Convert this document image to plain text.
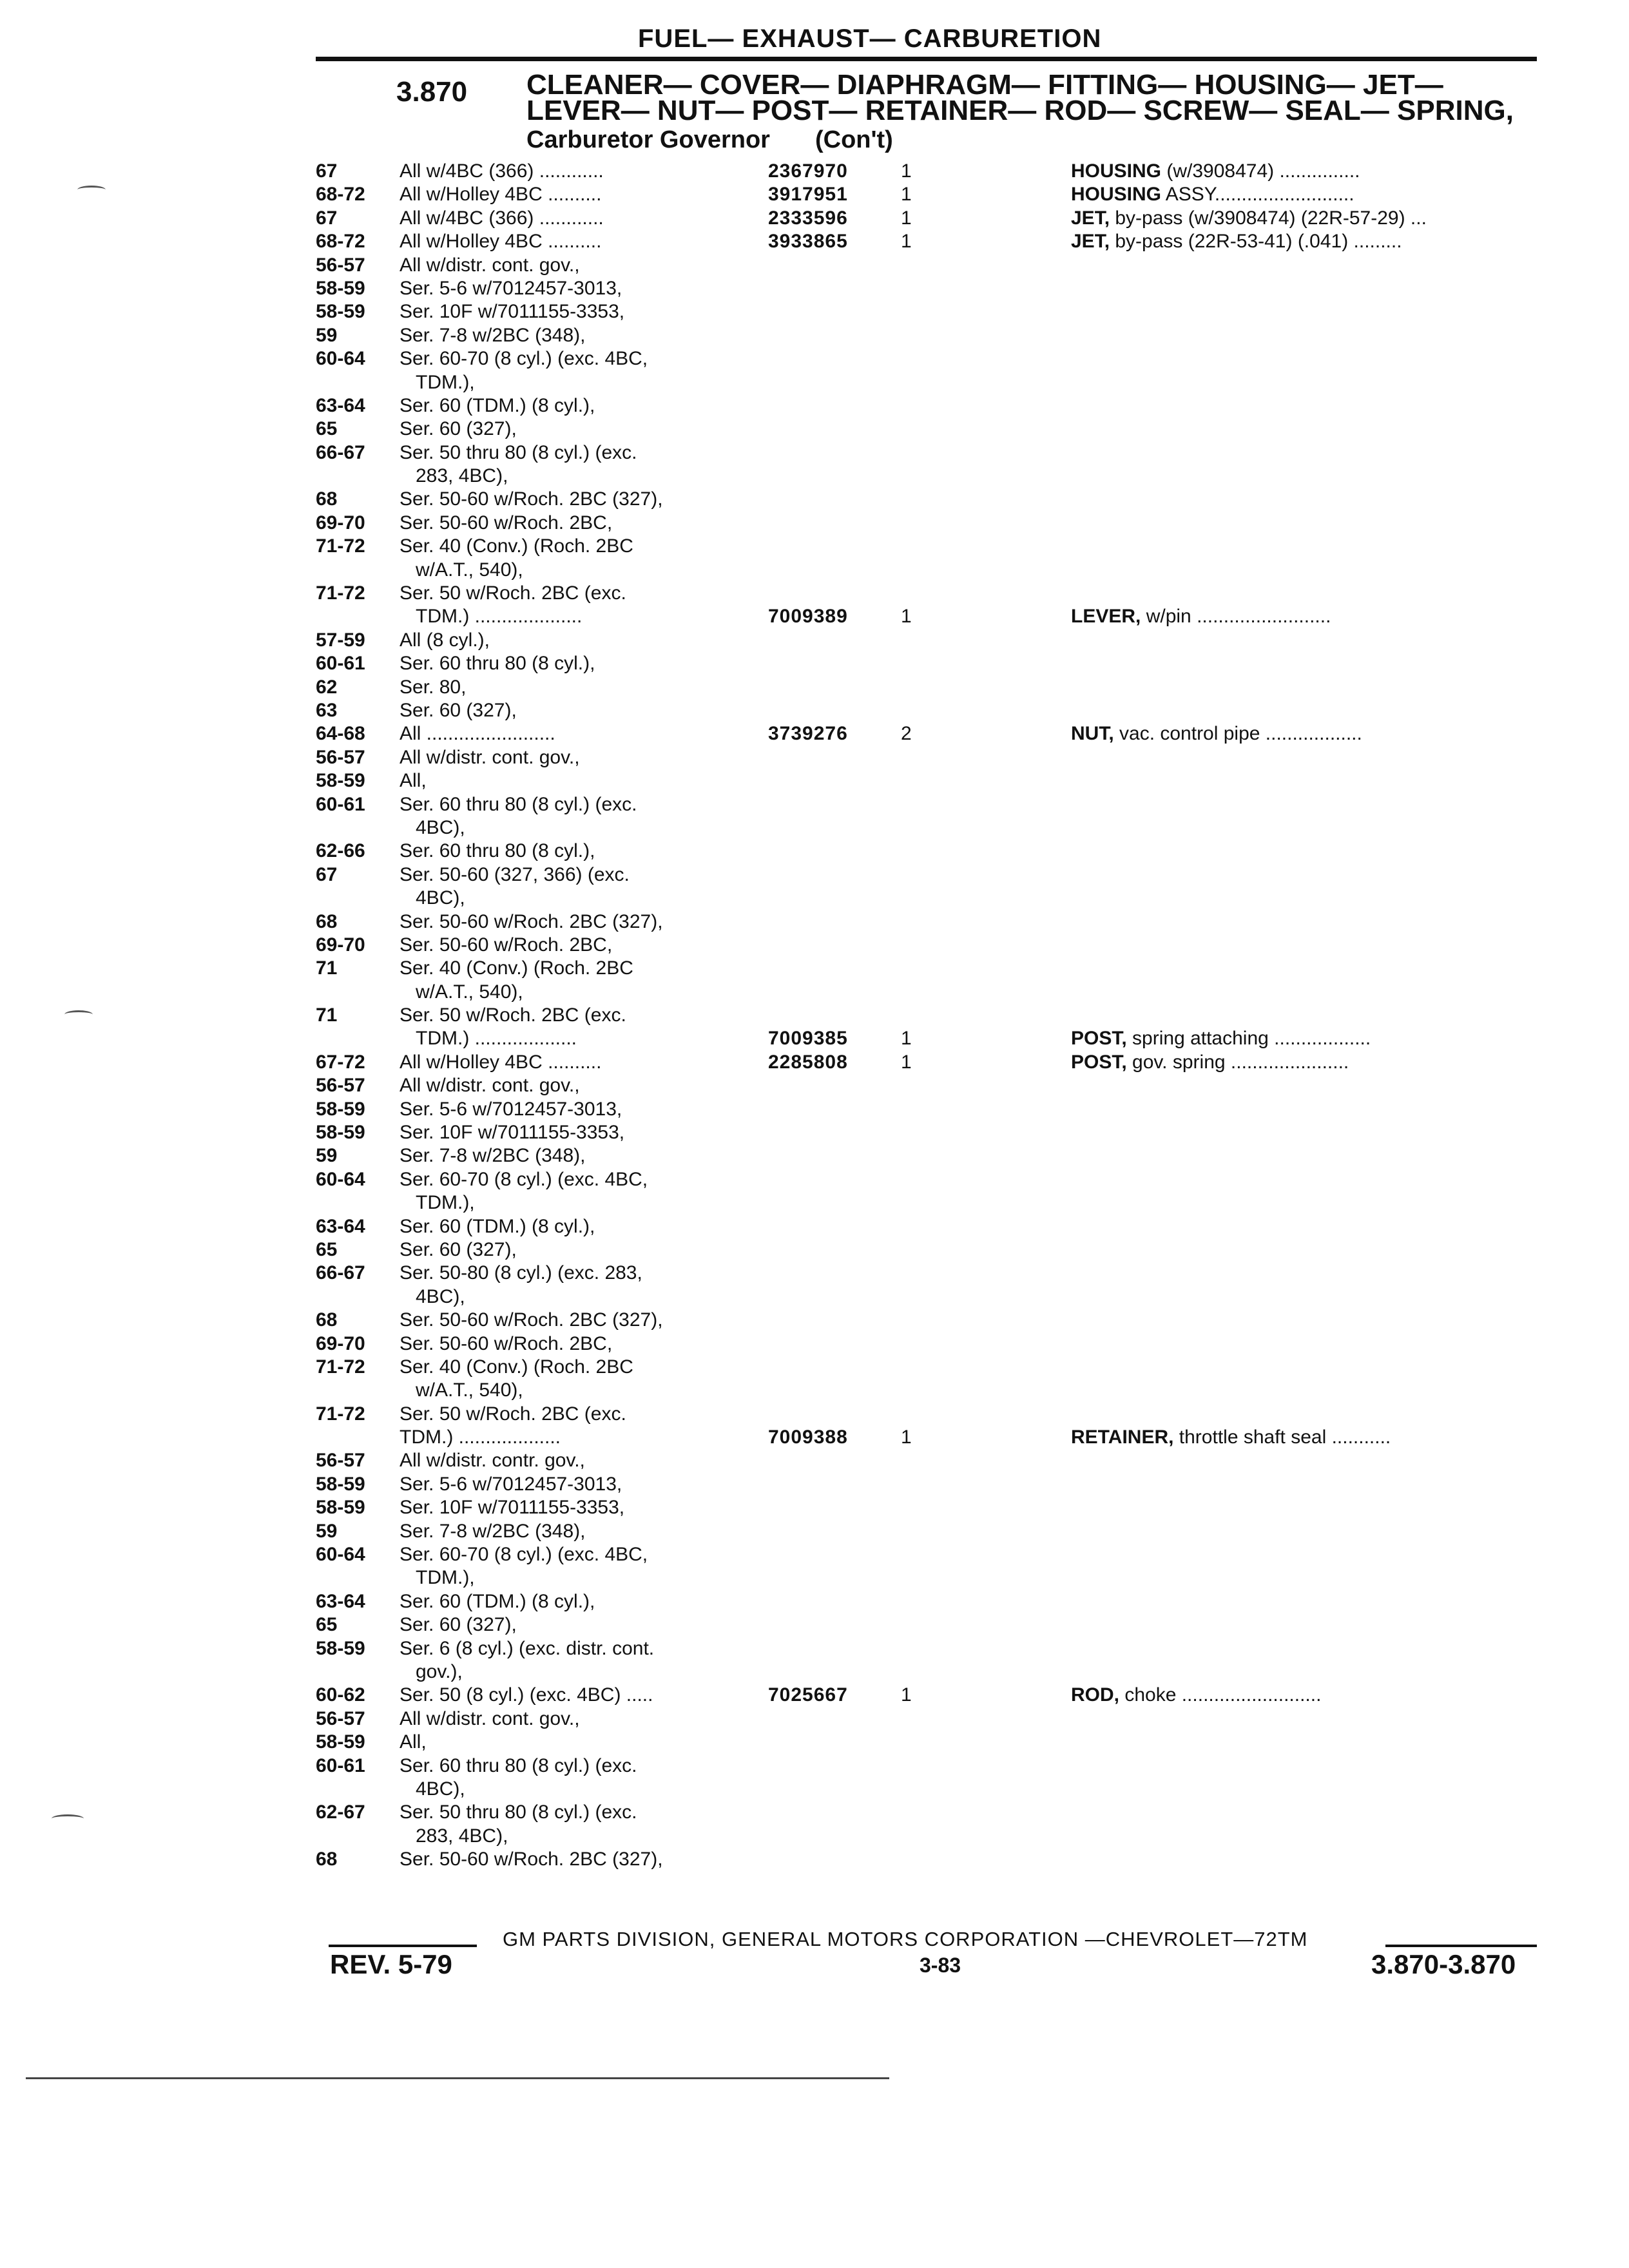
FUEL— EXHAUST— CARBURETION
3.870 CLEANER— COVER— DIAPHRAGM— FITTING— HOUSING— JET— LEVER— NUT— POST— RETAINER— ROD— SCREW— SEAL— SPRING,
Carburetor Governor (Con't)
67	All w/4BC (366) ............	2367970	1	HOUSING (w/3908474) ...............
68-72	All w/Holley 4BC ..........	3917951	1	HOUSING ASSY..........................
67	All w/4BC (366) ............	2333596	1	JET, by-pass (w/3908474) (22R-57-29) ...
68-72	All w/Holley 4BC ..........	3933865	1	JET, by-pass (22R-53-41) (.041) .........
56-57	All w/distr. cont. gov.,
58-59	Ser. 5-6 w/7012457-3013,
58-59	Ser. 10F w/7011155-3353,
59	Ser. 7-8 w/2BC (348),
60-64	Ser. 60-70 (8 cyl.) (exc. 4BC,
TDM.),
63-64	Ser. 60 (TDM.) (8 cyl.),
65	Ser. 60 (327),
66-67	Ser. 50 thru 80 (8 cyl.) (exc.
283, 4BC),
68	Ser. 50-60 w/Roch. 2BC (327),
69-70	Ser. 50-60 w/Roch. 2BC,
71-72	Ser. 40 (Conv.) (Roch. 2BC
w/A.T., 540),
71-72	Ser. 50 w/Roch. 2BC (exc.
TDM.) ....................	7009389	1	LEVER, w/pin .........................
57-59	All (8 cyl.),
60-61	Ser. 60 thru 80 (8 cyl.),
62	Ser. 80,
63	Ser. 60 (327),
64-68	All ........................	3739276	2	NUT, vac. control pipe ..................
56-57	All w/distr. cont. gov.,
58-59	All,
60-61	Ser. 60 thru 80 (8 cyl.) (exc.
4BC),
62-66	Ser. 60 thru 80 (8 cyl.),
67	Ser. 50-60 (327, 366) (exc.
4BC),
68	Ser. 50-60 w/Roch. 2BC (327),
69-70	Ser. 50-60 w/Roch. 2BC,
71	Ser. 40 (Conv.) (Roch. 2BC
w/A.T., 540),
71	Ser. 50 w/Roch. 2BC (exc.
TDM.) ...................	7009385	1	POST, spring attaching ..................
67-72	All w/Holley 4BC ..........	2285808	1	POST, gov. spring ......................
56-57	All w/distr. cont. gov.,
58-59	Ser. 5-6 w/7012457-3013,
58-59	Ser. 10F w/7011155-3353,
59	Ser. 7-8 w/2BC (348),
60-64	Ser. 60-70 (8 cyl.) (exc. 4BC,
TDM.),
63-64	Ser. 60 (TDM.) (8 cyl.),
65	Ser. 60 (327),
66-67	Ser. 50-80 (8 cyl.) (exc. 283,
4BC),
68	Ser. 50-60 w/Roch. 2BC (327),
69-70	Ser. 50-60 w/Roch. 2BC,
71-72	Ser. 40 (Conv.) (Roch. 2BC
w/A.T., 540),
71-72	Ser. 50 w/Roch. 2BC (exc.
TDM.) ...................	7009388	1	RETAINER, throttle shaft seal ...........
56-57	All w/distr. contr. gov.,
58-59	Ser. 5-6 w/7012457-3013,
58-59	Ser. 10F w/7011155-3353,
59	Ser. 7-8 w/2BC (348),
60-64	Ser. 60-70 (8 cyl.) (exc. 4BC,
TDM.),
63-64	Ser. 60 (TDM.) (8 cyl.),
65	Ser. 60 (327),
58-59	Ser. 6 (8 cyl.) (exc. distr. cont.
gov.),
60-62	Ser. 50 (8 cyl.) (exc. 4BC) .....	7025667	1	ROD, choke ..........................
56-57	All w/distr. cont. gov.,
58-59	All,
60-61	Ser. 60 thru 80 (8 cyl.) (exc.
4BC),
62-67	Ser. 50 thru 80 (8 cyl.) (exc.
283, 4BC),
68	Ser. 50-60 w/Roch. 2BC (327),
GM PARTS DIVISION, GENERAL MOTORS CORPORATION —CHEVROLET—72TM
REV. 5-79	3-83	3.870-3.870
